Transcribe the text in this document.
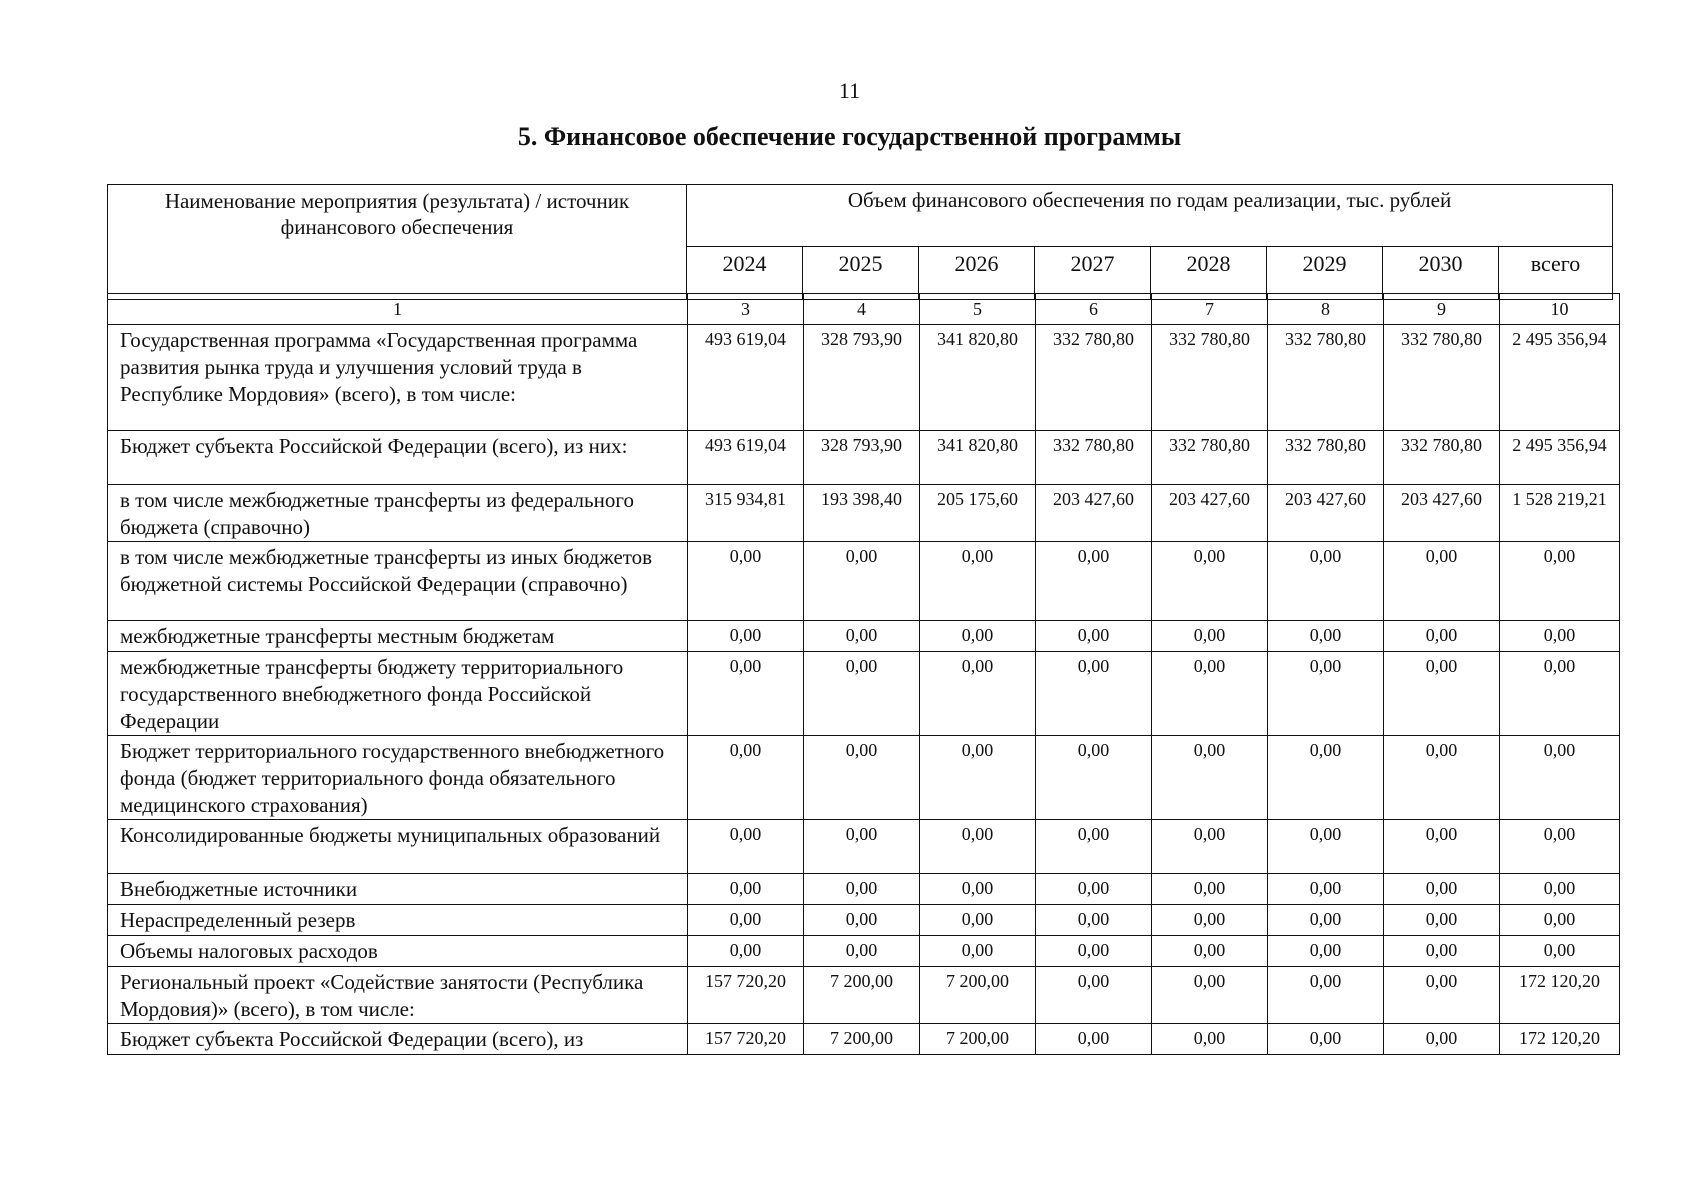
11
5. Финансовое обеспечение государственной программы
Наименование мероприятия (результата) / источник финансового обеспечения	Объем финансового обеспечения по годам реализации, тыс. рублей							
	2024	2025	2026	2027	2028	2029	2030	всего
1	3	4	5	6	7	8	9	10
Государственная программа «Государственная программа развития рынка труда и улучшения условий труда в Республике Мордовия» (всего), в том числе:	493 619,04	328 793,90	341 820,80	332 780,80	332 780,80	332 780,80	332 780,80	2 495 356,94
Бюджет субъекта Российской Федерации (всего), из них:	493 619,04	328 793,90	341 820,80	332 780,80	332 780,80	332 780,80	332 780,80	2 495 356,94
в том числе межбюджетные трансферты из федерального бюджета (справочно)	315 934,81	193 398,40	205 175,60	203 427,60	203 427,60	203 427,60	203 427,60	1 528 219,21
в том числе межбюджетные трансферты из иных бюджетов бюджетной системы Российской Федерации (справочно)	0,00	0,00	0,00	0,00	0,00	0,00	0,00	0,00
межбюджетные трансферты местным бюджетам	0,00	0,00	0,00	0,00	0,00	0,00	0,00	0,00
межбюджетные трансферты бюджету территориального государственного внебюджетного фонда Российской Федерации	0,00	0,00	0,00	0,00	0,00	0,00	0,00	0,00
Бюджет территориального государственного внебюджетного фонда (бюджет территориального фонда обязательного медицинского страхования)	0,00	0,00	0,00	0,00	0,00	0,00	0,00	0,00
Консолидированные бюджеты муниципальных образований	0,00	0,00	0,00	0,00	0,00	0,00	0,00	0,00
Внебюджетные источники	0,00	0,00	0,00	0,00	0,00	0,00	0,00	0,00
Нераспределенный резерв	0,00	0,00	0,00	0,00	0,00	0,00	0,00	0,00
Объемы налоговых расходов	0,00	0,00	0,00	0,00	0,00	0,00	0,00	0,00
Региональный проект «Содействие занятости (Республика Мордовия)» (всего), в том числе:	157 720,20	7 200,00	7 200,00	0,00	0,00	0,00	0,00	172 120,20
Бюджет субъекта Российской Федерации (всего), из	157 720,20	7 200,00	7 200,00	0,00	0,00	0,00	0,00	172 120,20
